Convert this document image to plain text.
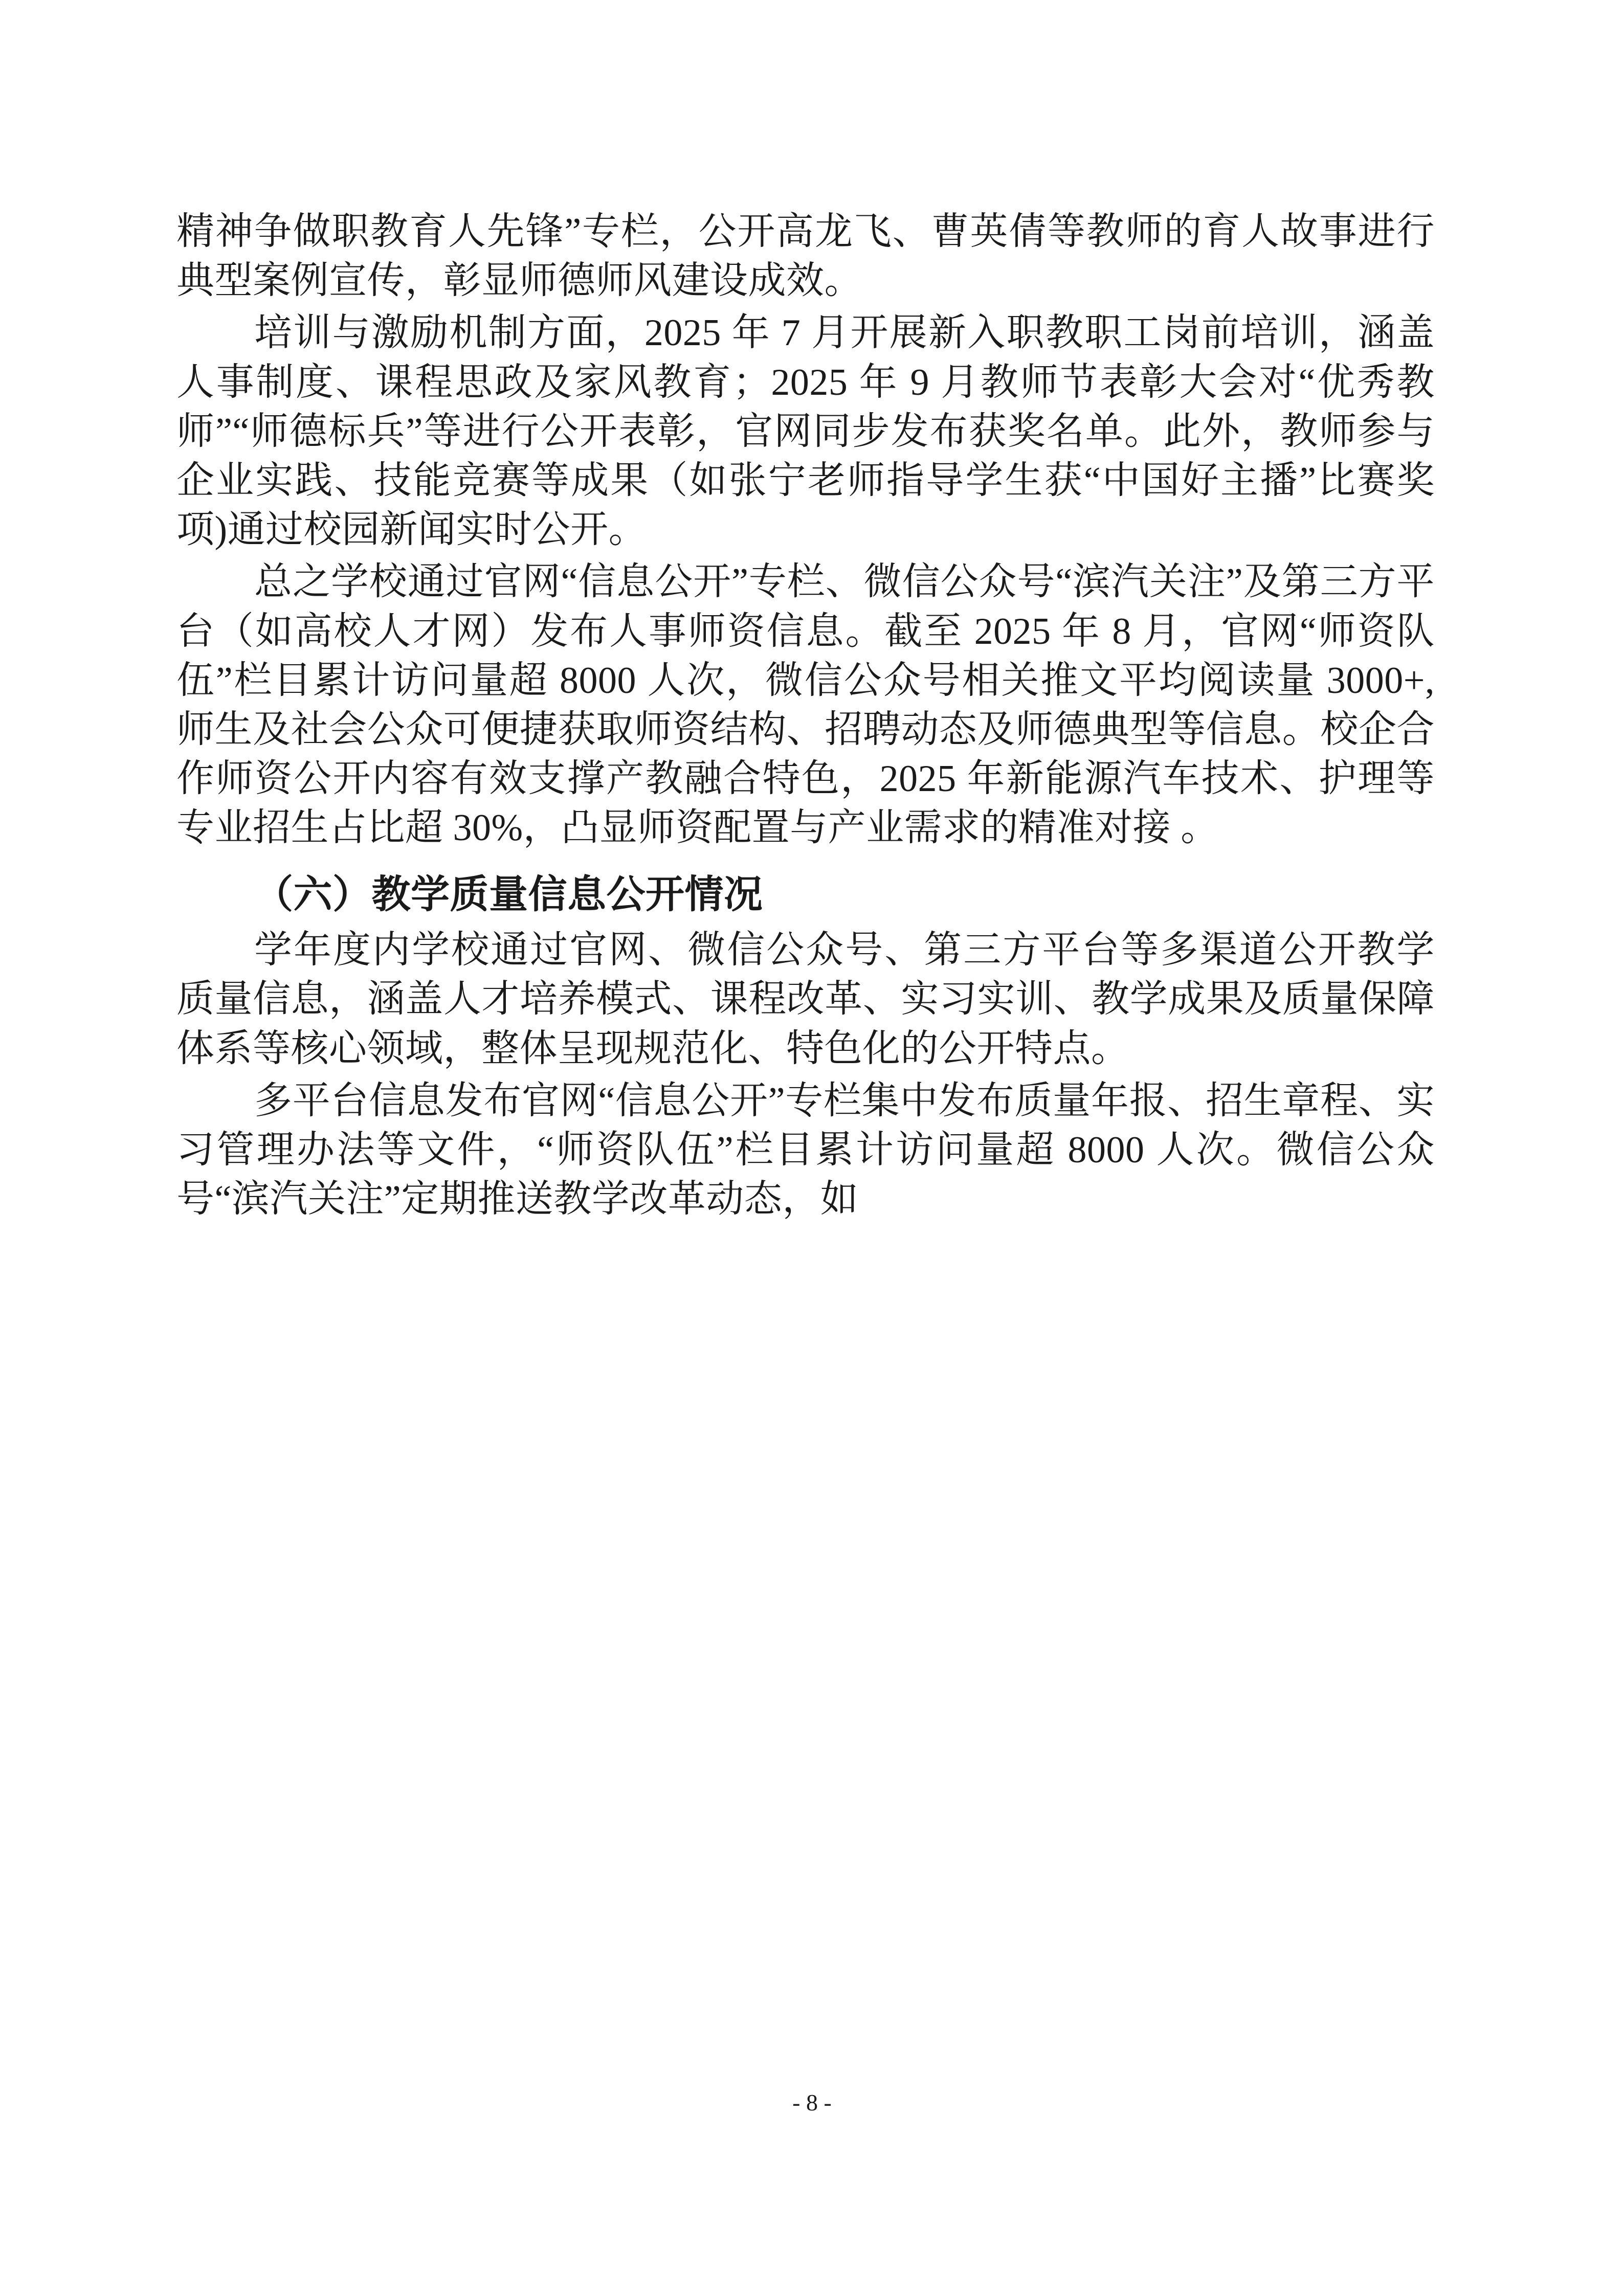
精神争做职教育人先锋”专栏，公开高龙飞、曹英倩等教师的育人故事进行典型案例宣传，彰显师德师风建设成效。

培训与激励机制方面，2025 年 7 月开展新入职教职工岗前培训，涵盖人事制度、课程思政及家风教育；2025 年 9 月教师节表彰大会对“优秀教师”“师德标兵”等进行公开表彰，官网同步发布获奖名单。此外，教师参与企业实践、技能竞赛等成果（如张宁老师指导学生获“中国好主播”比赛奖项)通过校园新闻实时公开。

总之学校通过官网“信息公开”专栏、微信公众号“滨汽关注”及第三方平台（如高校人才网）发布人事师资信息。截至 2025 年 8 月，官网“师资队伍”栏目累计访问量超 8000 人次，微信公众号相关推文平均阅读量 3000+,师生及社会公众可便捷获取师资结构、招聘动态及师德典型等信息。校企合作师资公开内容有效支撑产教融合特色，2025 年新能源汽车技术、护理等专业招生占比超 30%，凸显师资配置与产业需求的精准对接 。

（六）教学质量信息公开情况

学年度内学校通过官网、微信公众号、第三方平台等多渠道公开教学质量信息，涵盖人才培养模式、课程改革、实习实训、教学成果及质量保障体系等核心领域，整体呈现规范化、特色化的公开特点。

多平台信息发布官网“信息公开”专栏集中发布质量年报、招生章程、实习管理办法等文件，“师资队伍”栏目累计访问量超 8000 人次。微信公众号“滨汽关注”定期推送教学改革动态，如

- 8 -
